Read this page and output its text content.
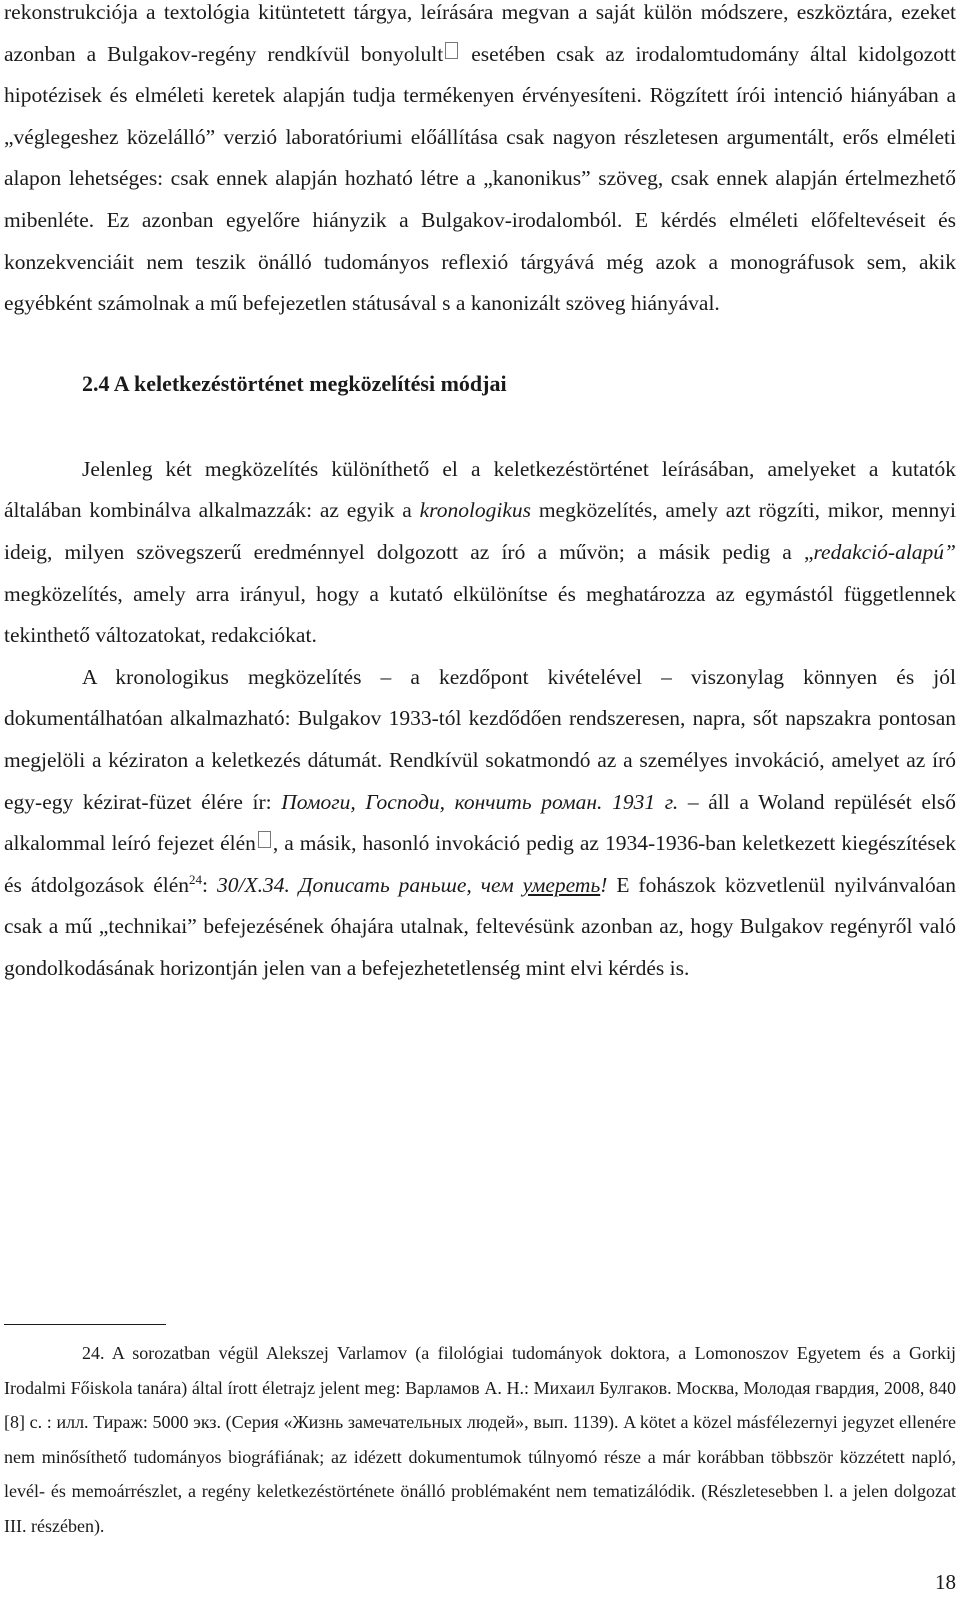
rekonstrukciója a textológia kitüntetett tárgya, leírására megvan a saját külön módszere, eszköztára, ezeket azonban a Bulgakov-regény rendkívül bonyolult esetében csak az irodalomtudomány által kidolgozott hipotézisek és elméleti keretek alapján tudja termékenyen érvényesíteni. Rögzített írói intenció hiányában a „véglegeshez közelálló” verzió laboratóriumi előállítása csak nagyon részletesen argumentált, erős elméleti alapon lehetséges: csak ennek alapján hozható létre a „kanonikus” szöveg, csak ennek alapján értelmezhető mibenléte. Ez azonban egyelőre hiányzik a Bulgakov-irodalomból. E kérdés elméleti előfeltevéseit és konzekvenciáit nem teszik önálló tudományos reflexió tárgyává még azok a monográfusok sem, akik egyébként számolnak a mű befejezetlen státusával s a kanonizált szöveg hiányával.

2.4 A keletkezéstörténet megközelítési módjai

Jelenleg két megközelítés különíthető el a keletkezéstörténet leírásában, amelyeket a kutatók általában kombinálva alkalmazzák: az egyik a kronologikus megközelítés, amely azt rögzíti, mikor, mennyi ideig, milyen szövegszerű eredménnyel dolgozott az író a művön; a másik pedig a „redakció-alapú” megközelítés, amely arra irányul, hogy a kutató elkülönítse és meghatározza az egymástól függetlennek tekinthető változatokat, redakciókat.

A kronologikus megközelítés – a kezdőpont kivételével – viszonylag könnyen és jól dokumentálhatóan alkalmazható: Bulgakov 1933-tól kezdődően rendszeresen, napra, sőt napszakra pontosan megjelöli a kéziraton a keletkezés dátumát. Rendkívül sokatmondó az a személyes invokáció, amelyet az író egy-egy kézirat-füzet élére ír: Помоги, Господи, кончить роман. 1931 г. – áll a Woland repülését első alkalommal leíró fejezet élén , a másik, hasonló invokáció pedig az 1934-1936-ban keletkezett kiegészítések és átdolgozások élén$^{24}$: 30/X.34. Дописать раньше, чем умереть! E fohászok közvetlenül nyilvánvalóan csak a mű „technikai” befejezésének óhajára utalnak, feltevésünk azonban az, hogy Bulgakov regényről való gondolkodásának horizontján jelen van a befejezhetetlenség mint elvi kérdés is.

24. A sorozatban végül Alekszej Varlamov (a filológiai tudományok doktora, a Lomonoszov Egyetem és a Gorkij Irodalmi Főiskola tanára) által írott életrajz jelent meg: Варламов А. Н.: Михаил Булгаков. Москва, Молодая гвардия, 2008, 840 [8] с. : илл. Тираж: 5000 экз. (Серия «Жизнь замечательных людей», вып. 1139). A kötet a közel másfélezernyi jegyzet ellenére nem minősíthető tudományos biográfiának; az idézett dokumentumok túlnyomó része a már korábban többször közzétett napló, levél- és memoárrészlet, a regény keletkezéstörténete önálló problémaként nem tematizálódik. (Részletesebben l. a jelen dolgozat III. részében).

18
